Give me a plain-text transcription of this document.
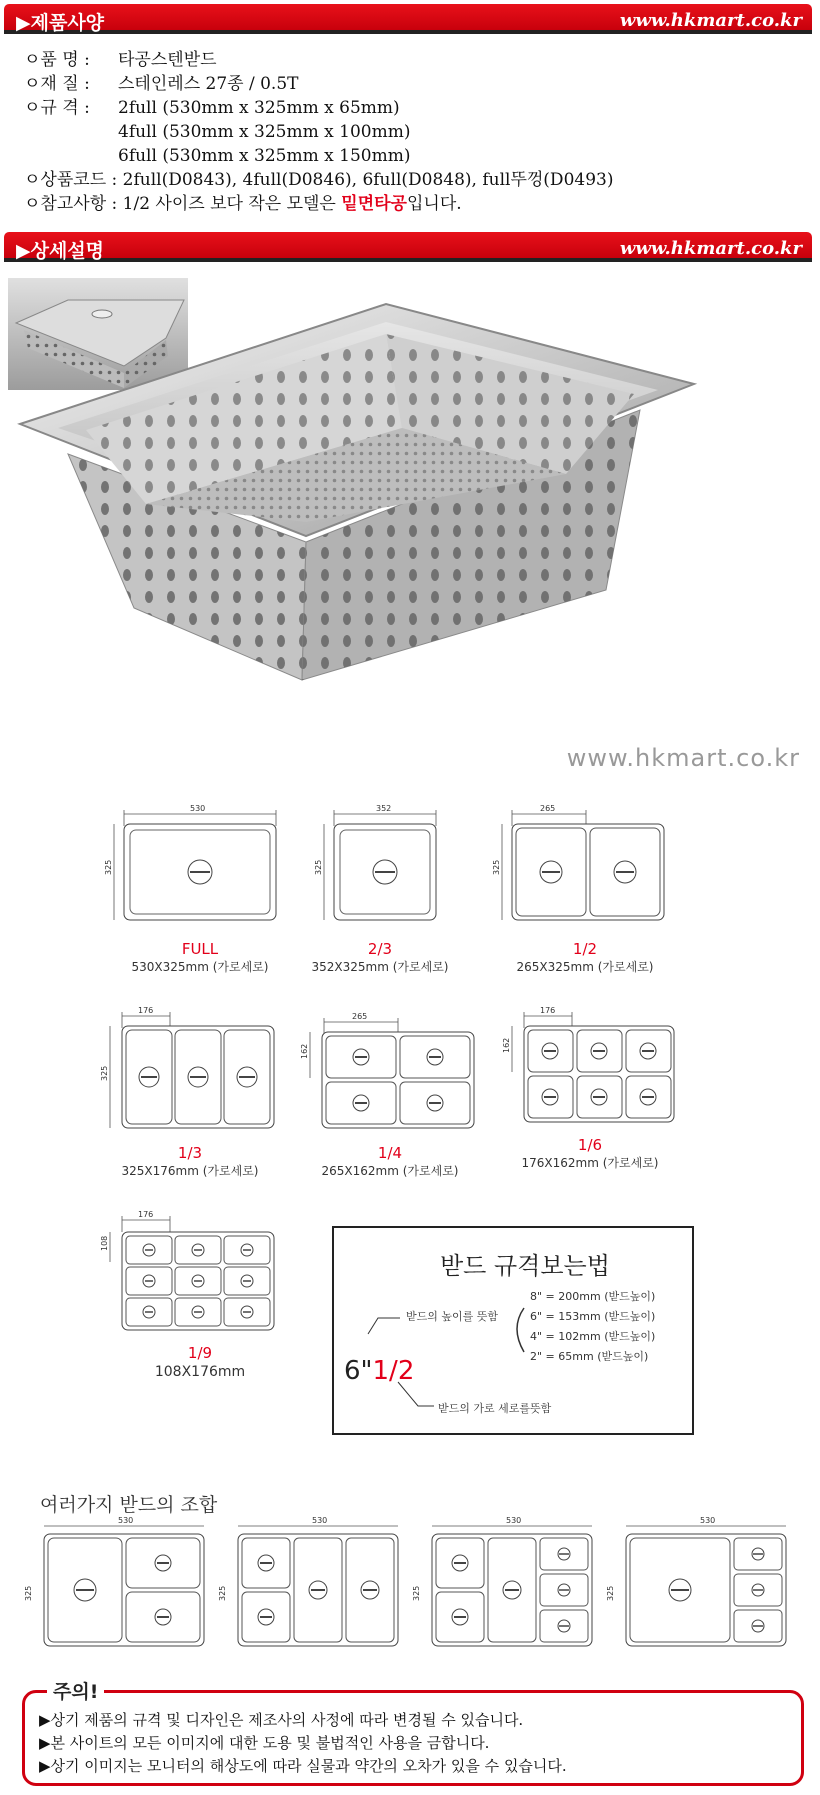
▶제품사양	www.hkmart.co.kr
ㅇ품 명 : 타공스텐받드
ㅇ재 질 : 스테인레스 27종 / 0.5T
ㅇ규 격 : 2full (530mm x 325mm x 65mm)
4full (530mm x 325mm x 100mm)
6full (530mm x 325mm x 150mm)
ㅇ상품코드 : 2full(D0843), 4full(D0846), 6full(D0848), full뚜껑(D0493)
ㅇ참고사항 : 1/2 사이즈 보다 작은 모델은 밑면타공입니다.
▶상세설명	www.hkmart.co.kr
www.hkmart.co.kr
530
325
FULL
530X325mm (가로세로)
352
325
2/3
352X325mm (가로세로)
265
325
1/2
265X325mm (가로세로)
176
325
1/3
325X176mm (가로세로)
265
162
1/4
265X162mm (가로세로)
176
162
1/6
176X162mm (가로세로)
176
108
1/9
108X176mm
받드 규격보는법
받드의 높이를 뜻함
8" = 200mm (받드높이)
6" = 153mm (받드높이)
4" = 102mm (받드높이)
2" = 65mm (받드높이)
6"1/2
받드의 가로 세로를뜻함
여러가지 받드의 조합
530
325
530
325
530
325
530
325
주의!
▶상기 제품의 규격 및 디자인은 제조사의 사정에 따라 변경될 수 있습니다.
▶본 사이트의 모든 이미지에 대한 도용 및 불법적인 사용을 금합니다.
▶상기 이미지는 모니터의 해상도에 따라 실물과 약간의 오차가 있을 수 있습니다.
